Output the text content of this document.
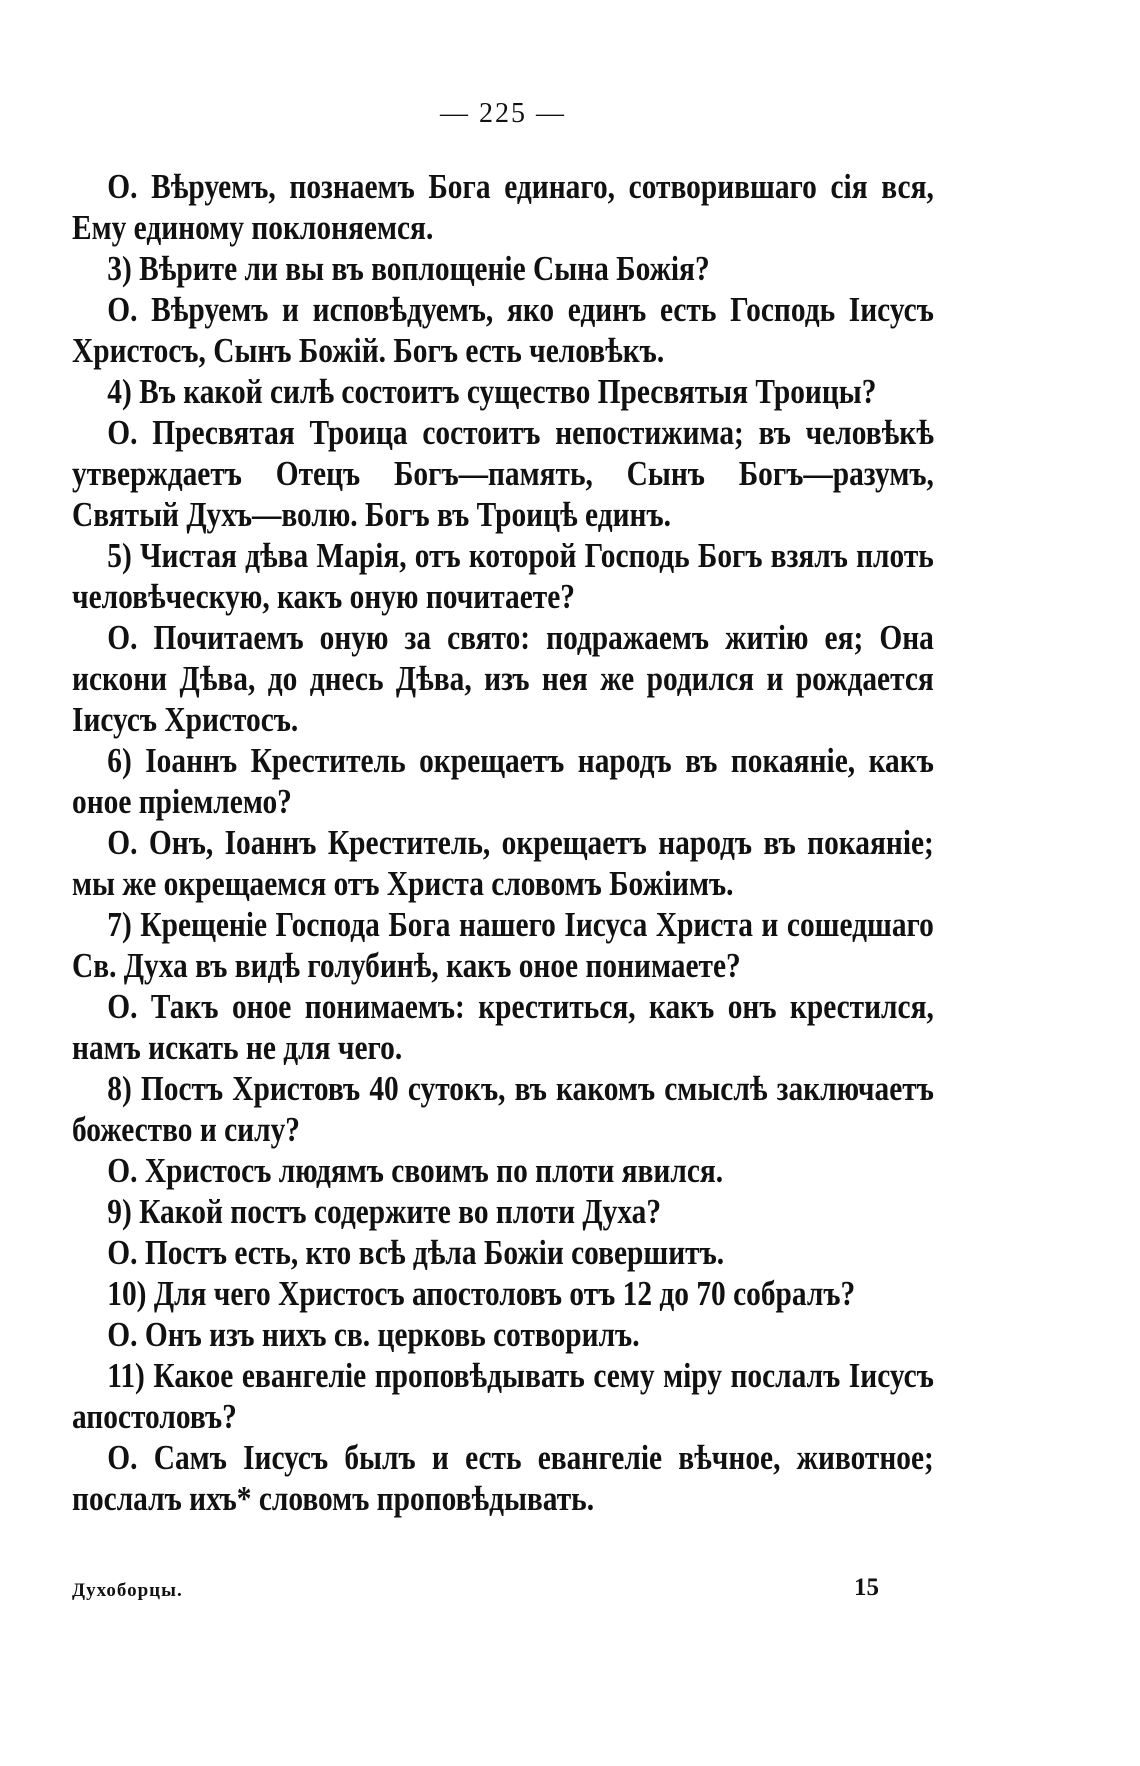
— 225 —

О. Вѣруемъ, познаемъ Бога единаго, сотворившаго сія вся, Ему единому поклоняемся.

3) Вѣрите ли вы въ воплощеніе Сына Божія?

О. Вѣруемъ и исповѣдуемъ, яко единъ есть Господь Іисусъ Христосъ, Сынъ Божій. Богъ есть человѣкъ.

4) Въ какой силѣ состоитъ существо Пресвятыя Троицы?

О. Пресвятая Троица состоитъ непостижима; въ человѣкѣ утверждаетъ Отецъ Богъ—память, Сынъ Богъ—разумъ, Святый Духъ—волю. Богъ въ Троицѣ единъ.

5) Чистая дѣва Марія, отъ которой Господь Богъ взялъ плоть человѣческую, какъ оную почитаете?

О. Почитаемъ оную за свято: подражаемъ житію ея; Она искони Дѣва, до днесь Дѣва, изъ нея же родился и рождается Іисусъ Христосъ.

6) Іоаннъ Креститель окрещаетъ народъ въ покаяніе, какъ оное пріемлемо?

О. Онъ, Іоаннъ Креститель, окрещаетъ народъ въ покаяніе; мы же окрещаемся отъ Христа словомъ Божіимъ.

7) Крещеніе Господа Бога нашего Іисуса Христа и сошедшаго Св. Духа въ видѣ голубинѣ, какъ оное понимаете?

О. Такъ оное понимаемъ: креститься, какъ онъ крестился, намъ искать не для чего.

8) Постъ Христовъ 40 сутокъ, въ какомъ смыслѣ заключаетъ божество и силу?

О. Христосъ людямъ своимъ по плоти явился.

9) Какой постъ содержите во плоти Духа?

О. Постъ есть, кто всѣ дѣла Божіи совершитъ.

10) Для чего Христосъ апостоловъ отъ 12 до 70 собралъ?

О. Онъ изъ нихъ св. церковь сотворилъ.

11) Какое евангеліе проповѣдывать сему міру послалъ Іисусъ апостоловъ?

О. Самъ Іисусъ былъ и есть евангеліе вѣчное, животное; послалъ ихъ* словомъ проповѣдывать.

Духоборцы.	15
